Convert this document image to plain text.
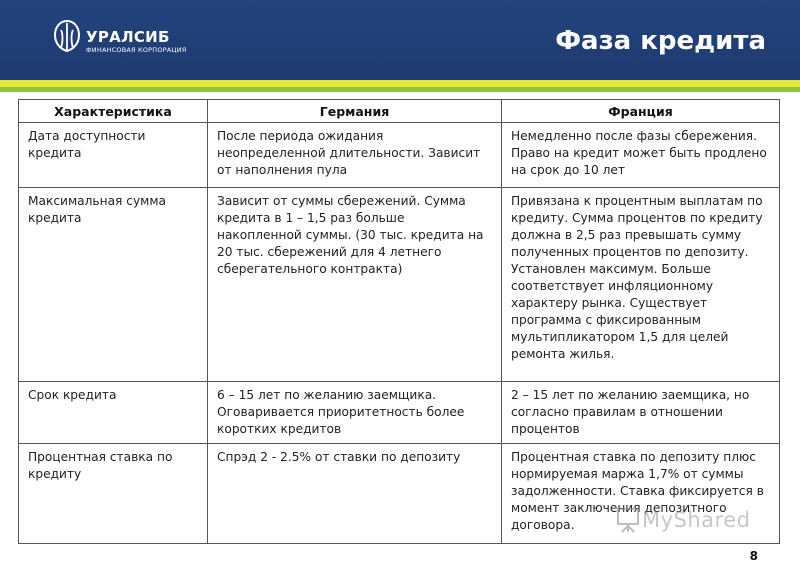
УРАЛСИБ
ФИНАНСОВАЯ КОРПОРАЦИЯ	Фаза кредита
Характеристика	Германия	Франция
Дата доступности кредита	После периода ожидания неопределенной длительности. Зависит от наполнения пула	Немедленно после фазы сбережения. Право на кредит может быть продлено на срок до 10 лет
Максимальная сумма кредита	Зависит от суммы сбережений. Сумма кредита в 1 – 1,5 раз больше накопленной суммы. (30 тыс. кредита на 20 тыс. сбережений для 4 летнего сберегательного контракта)	Привязана к процентным выплатам по кредиту. Сумма процентов по кредиту должна в 2,5 раз превышать сумму полученных процентов по депозиту. Установлен максимум. Больше соответствует инфляционному характеру рынка. Существует программа с фиксированным мультипликатором 1,5 для целей ремонта жилья.
Срок кредита	6 – 15 лет по желанию заемщика. Оговаривается приоритетность более коротких кредитов	2 – 15 лет по желанию заемщика, но согласно правилам в отношении процентов
Процентная ставка по кредиту	Спрэд 2 - 2.5% от ставки по депозиту	Процентная ставка по депозиту плюс нормируемая маржа 1,7% от суммы задолженности. Ставка фиксируется в момент заключения депозитного договора.	MyShared
8
